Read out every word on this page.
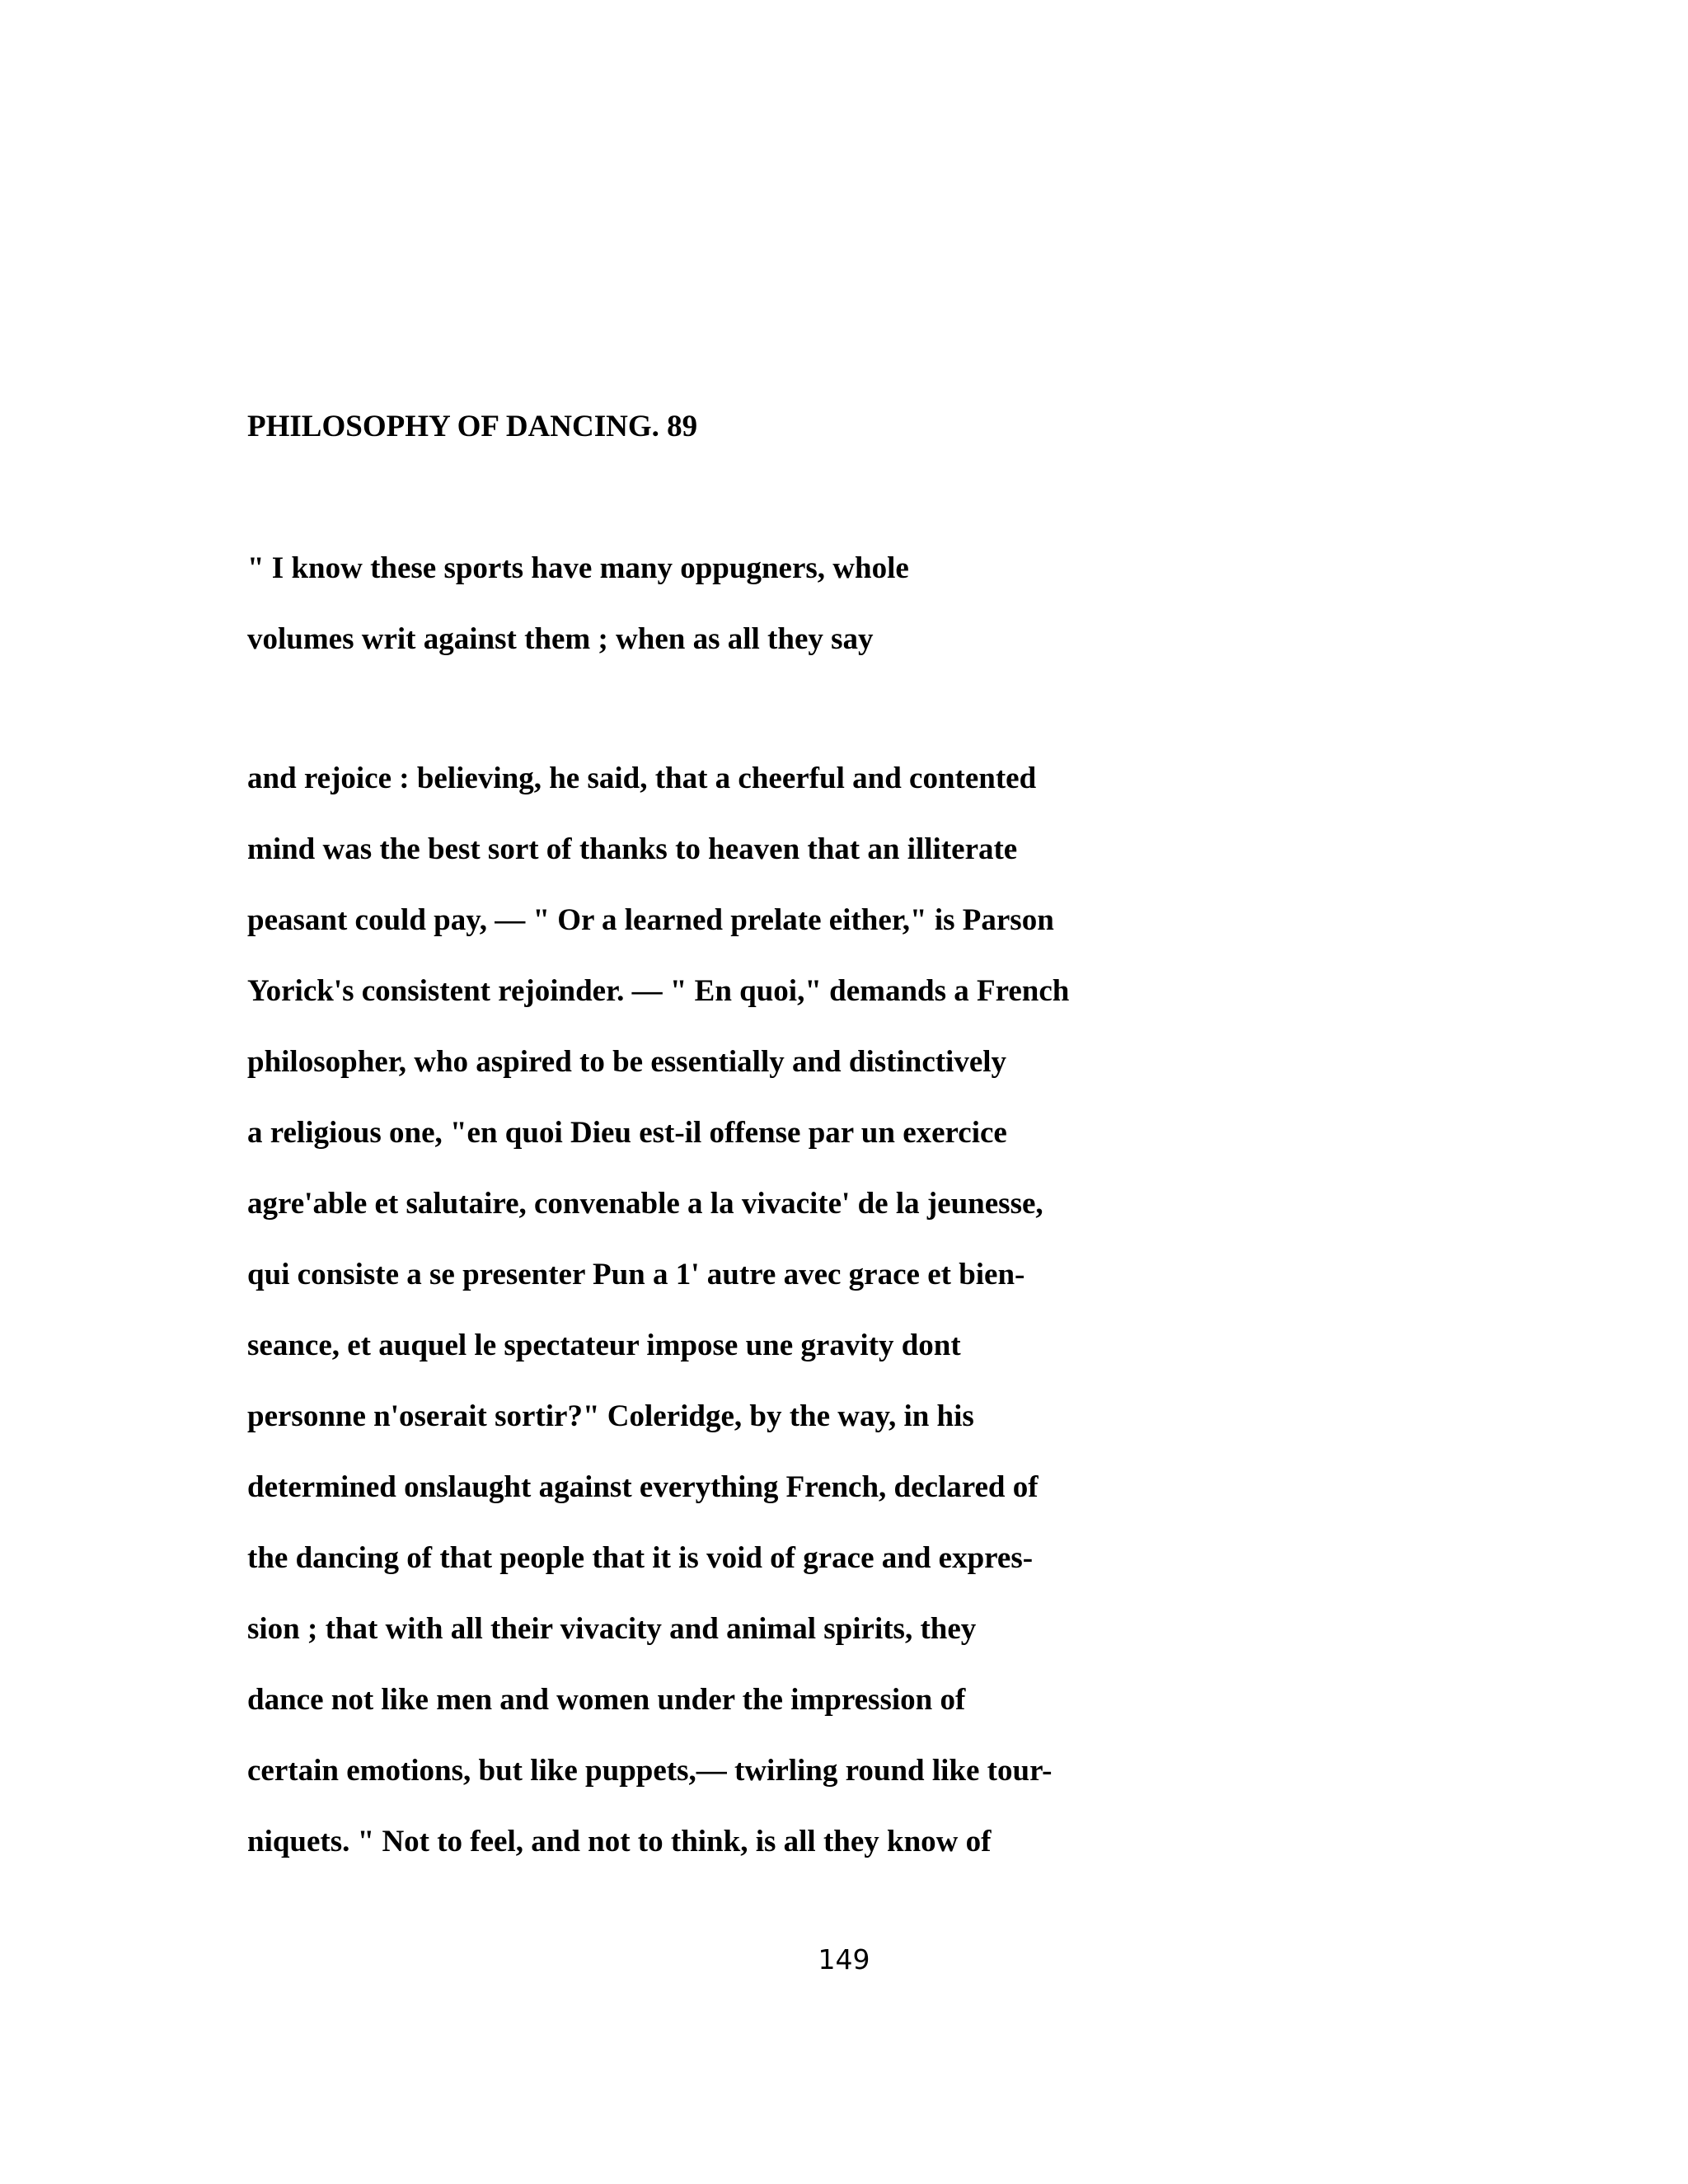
PHILOSOPHY OF DANCING. 89
" I know these sports have many oppugners, whole
volumes writ against them ; when as all they say
and rejoice : believing, he said, that a cheerful and contented
mind was the best sort of thanks to heaven that an illiterate
peasant could pay, — " Or a learned prelate either," is Parson
Yorick's consistent rejoinder. — " En quoi," demands a French
philosopher, who aspired to be essentially and distinctively
a religious one, "en quoi Dieu est-il offense par un exercice
agre'able et salutaire, convenable a la vivacite' de la jeunesse,
qui consiste a se presenter Pun a 1' autre avec grace et bien-
seance, et auquel le spectateur impose une gravity dont
personne n'oserait sortir?" Coleridge, by the way, in his
determined onslaught against everything French, declared of
the dancing of that people that it is void of grace and expres-
sion ; that with all their vivacity and animal spirits, they
dance not like men and women under the impression of
certain emotions, but like puppets,— twirling round like tour-
niquets. " Not to feel, and not to think, is all they know of
149
